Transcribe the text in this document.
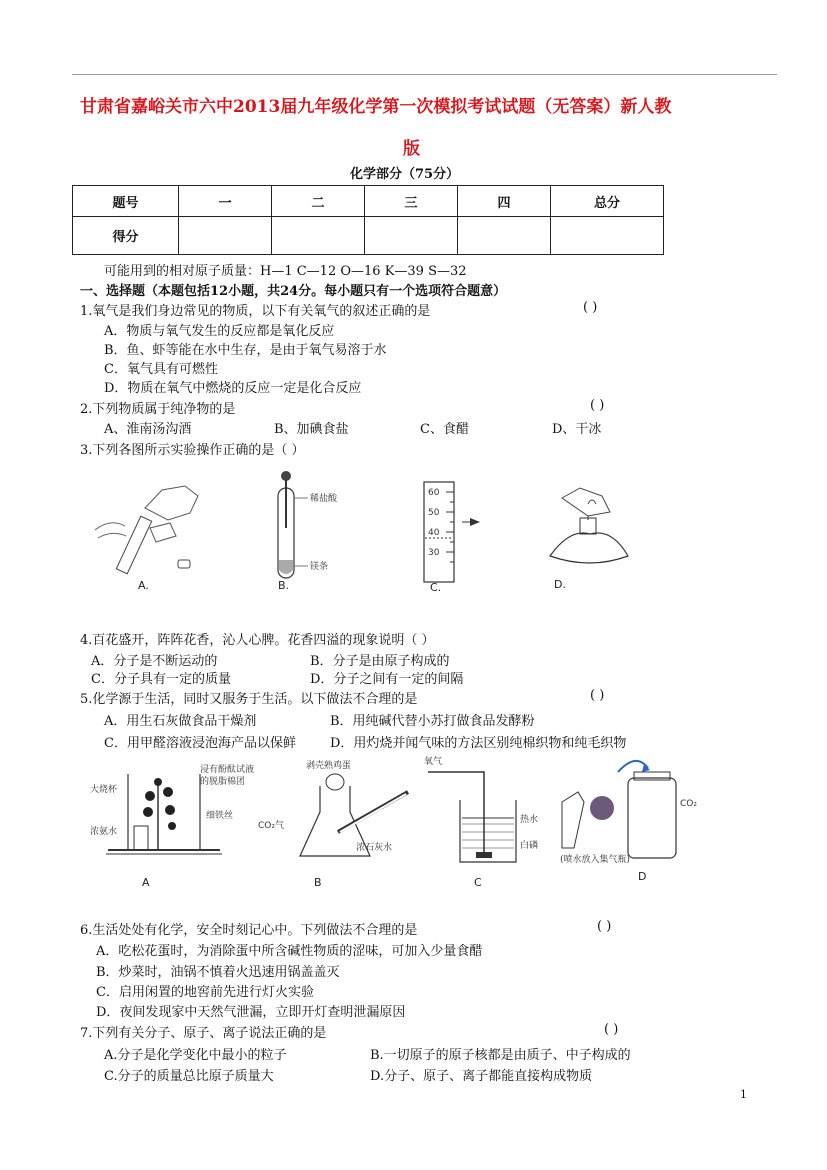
甘肃省嘉峪关市六中2013届九年级化学第一次模拟考试试题（无答案）新人教
版
化学部分（75分）
题号	一	二	三	四	总分
得分					
可能用到的相对原子质量：H—1 C—12 O—16 K—39 S—32
一、选择题（本题包括12小题，共24分。每小题只有一个选项符合题意）
1.氧气是我们身边常见的物质，以下有关氧气的叙述正确的是	( )
A．物质与氧气发生的反应都是氧化反应
B．鱼、虾等能在水中生存，是由于氧气易溶于水
C．氧气具有可燃性
D．物质在氧气中燃烧的反应一定是化合反应
2.下列物质属于纯净物的是	( )
A、淮南汤沟酒	B、加碘食盐	C、食醋	D、干冰
3.下列各图所示实验操作正确的是（ ）
A.
稀盐酸
镁条
B.
60
50
40
30
C.	D.
4.百花盛开，阵阵花香，沁人心脾。花香四溢的现象说明（ ）
A．分子是不断运动的	B．分子是由原子构成的
C．分子具有一定的质量	D．分子之间有一定的间隔
5.化学源于生活，同时又服务于生活。以下做法不合理的是	( )
A．用生石灰做食品干燥剂	B．用纯碱代替小苏打做食品发酵粉
C．用甲醛溶液浸泡海产品以保鲜	D．用灼烧并闻气味的方法区别纯棉织物和纯毛织物
大烧杯
浸有酚酞试液
的脱脂棉团
细铁丝
浓氨水
A
剥壳熟鸡蛋
CO₂气
浓石灰水
B
氧气
热水
白磷
C
CO₂
(喷水放入集气瓶)
D
6.生活处处有化学，安全时刻记心中。下列做法不合理的是	( )
A．吃松花蛋时，为消除蛋中所含碱性物质的涩味，可加入少量食醋
B．炒菜时，油锅不慎着火迅速用锅盖盖灭
C．启用闲置的地窖前先进行灯火实验
D．夜间发现家中天然气泄漏，立即开灯查明泄漏原因
7.下列有关分子、原子、离子说法正确的是	( )
A.分子是化学变化中最小的粒子	B.一切原子的原子核都是由质子、中子构成的
C.分子的质量总比原子质量大	D.分子、原子、离子都能直接构成物质
1
